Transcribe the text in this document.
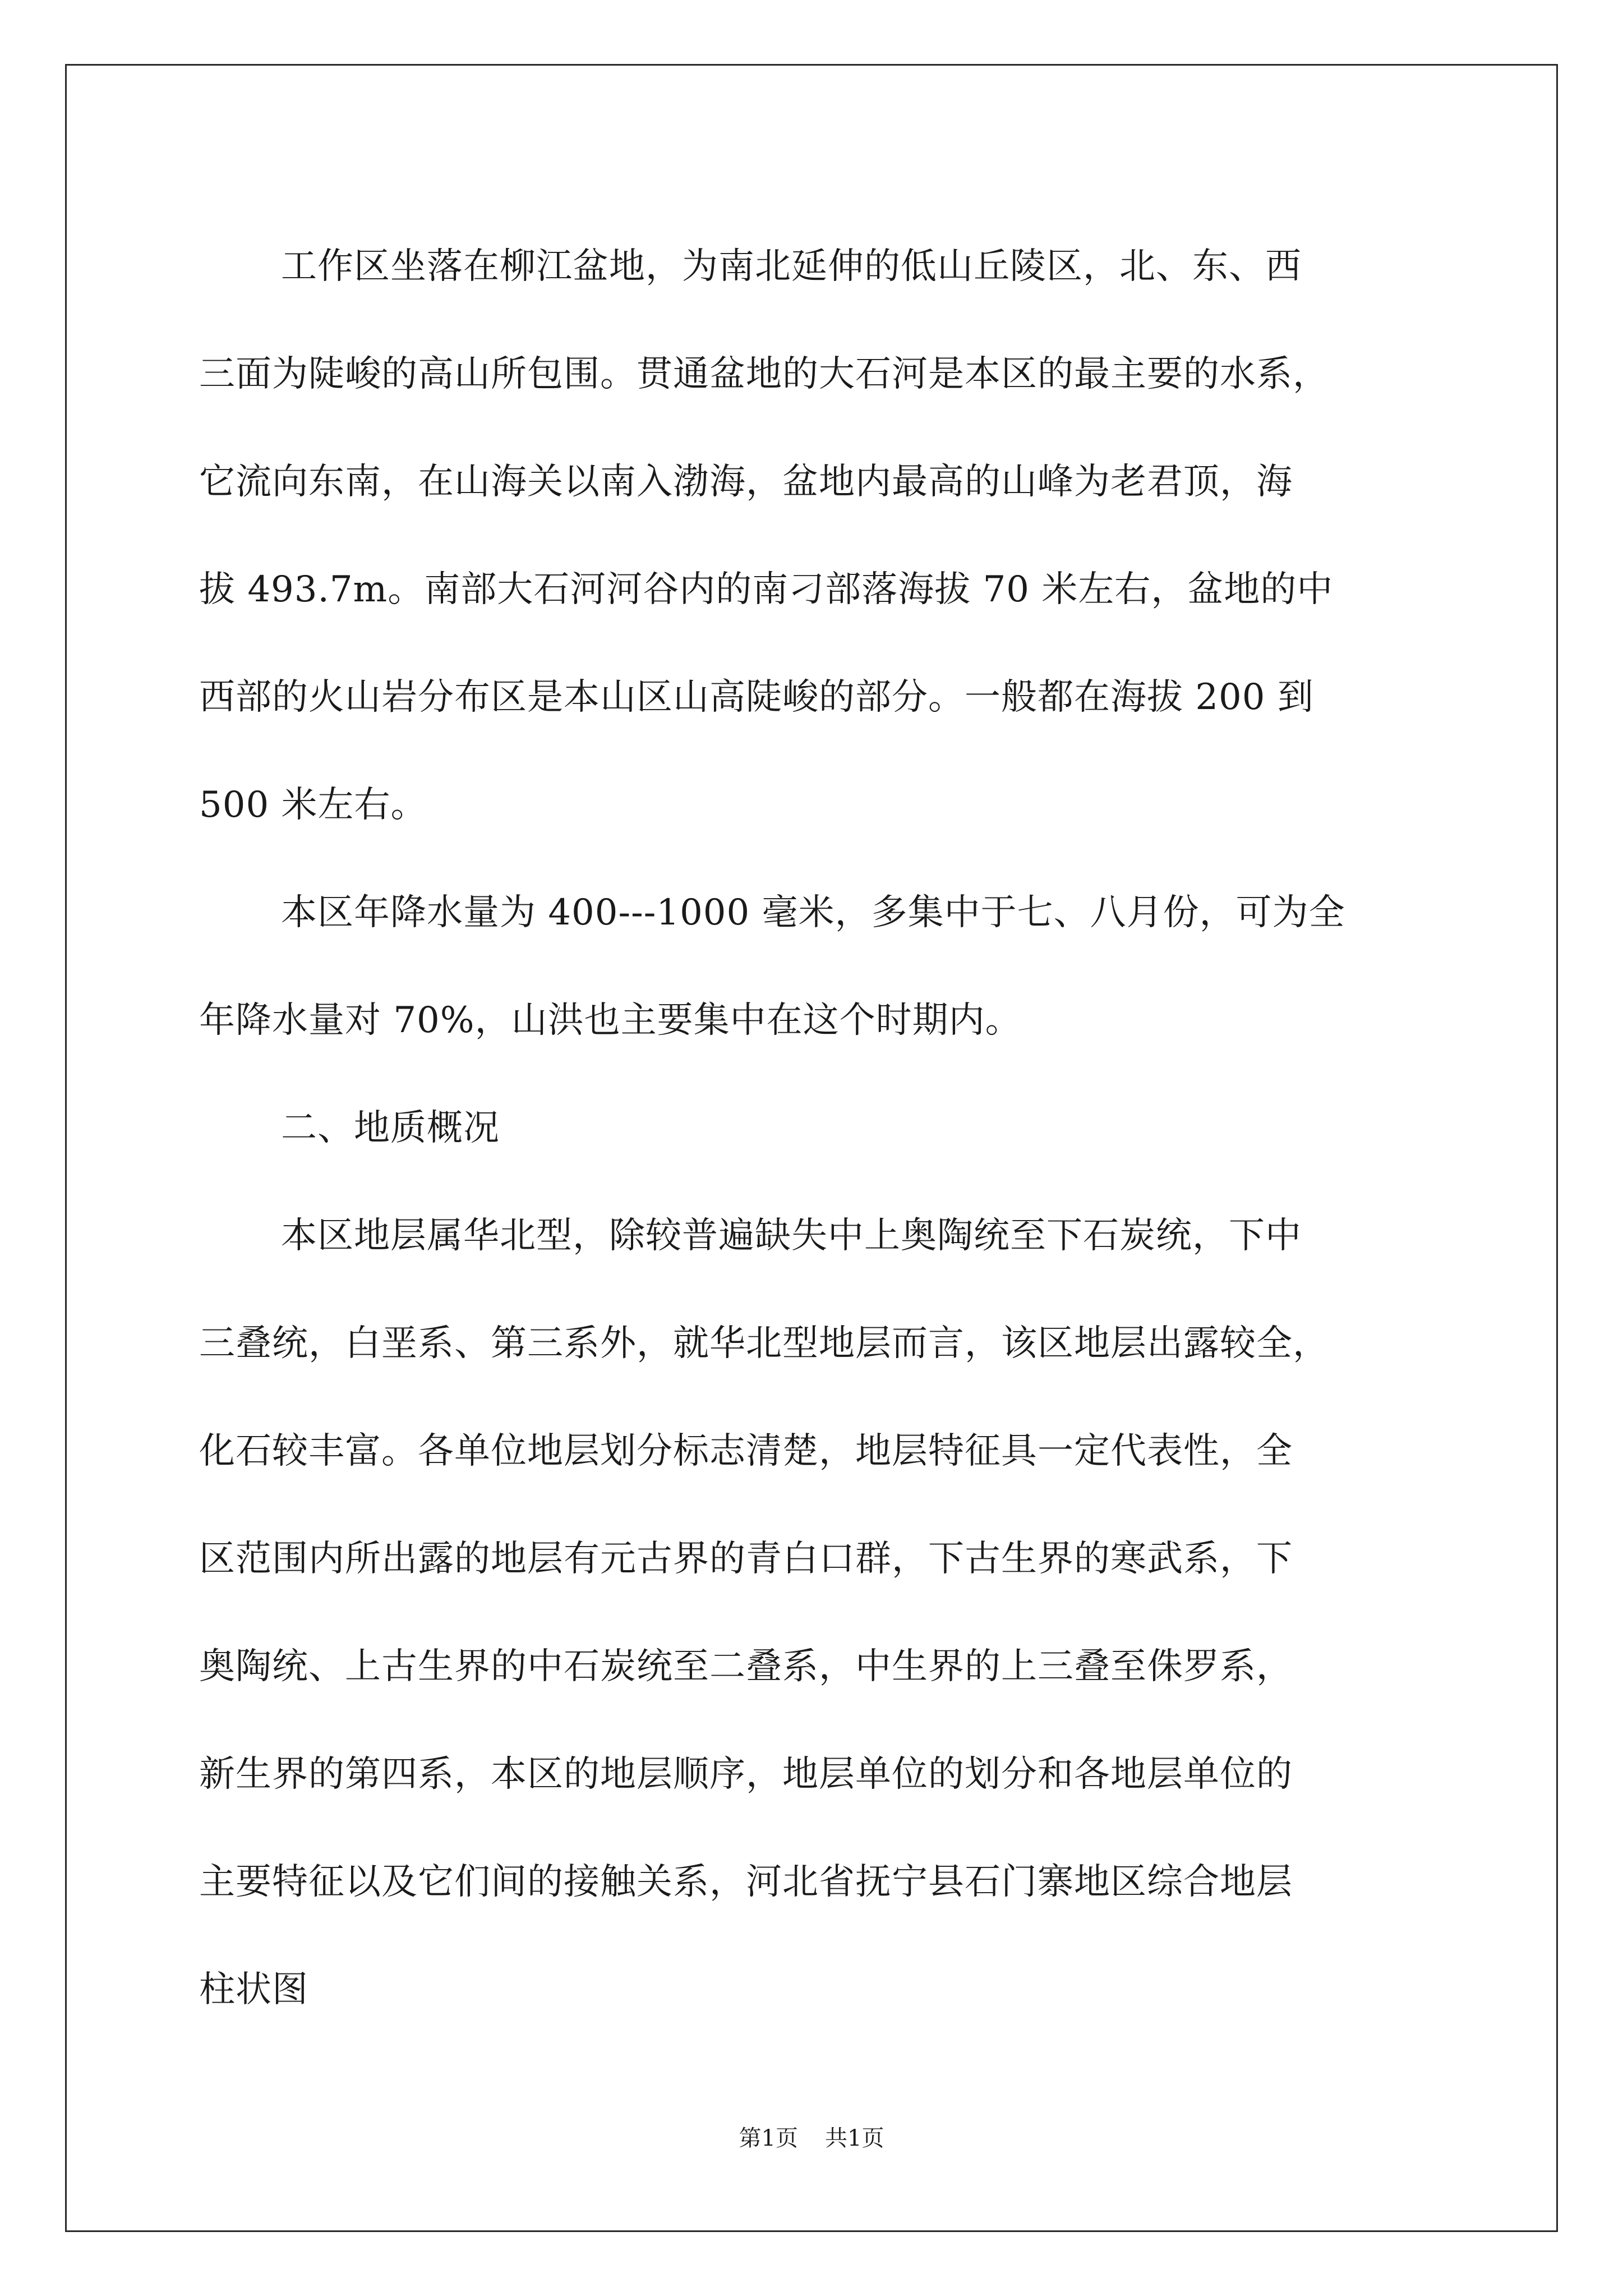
工作区坐落在柳江盆地，为南北延伸的低山丘陵区，北、东、西
三面为陡峻的高山所包围。贯通盆地的大石河是本区的最主要的水系，
它流向东南，在山海关以南入渤海，盆地内最高的山峰为老君顶，海
拔 493.7m。南部大石河河谷内的南刁部落海拔 70 米左右，盆地的中
西部的火山岩分布区是本山区山高陡峻的部分。一般都在海拔 200 到
500 米左右。

本区年降水量为 400---1000 毫米，多集中于七、八月份，可为全
年降水量对 70%，山洪也主要集中在这个时期内。

二、地质概况

本区地层属华北型，除较普遍缺失中上奥陶统至下石炭统，下中
三叠统，白垩系、第三系外，就华北型地层而言，该区地层出露较全，
化石较丰富。各单位地层划分标志清楚，地层特征具一定代表性，全
区范围内所出露的地层有元古界的青白口群，下古生界的寒武系，下
奥陶统、上古生界的中石炭统至二叠系，中生界的上三叠至侏罗系，
新生界的第四系，本区的地层顺序，地层单位的划分和各地层单位的
主要特征以及它们间的接触关系，河北省抚宁县石门寨地区综合地层
柱状图

第1页 共1页
